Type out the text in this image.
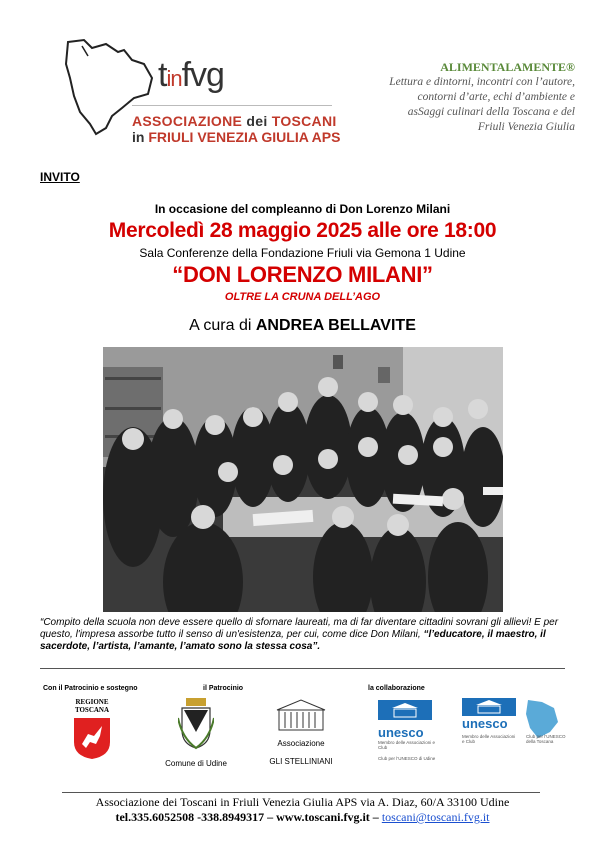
tinfvg
ASSOCIAZIONE dei TOSCANI
in FRIULI VENEZIA GIULIA APS
ALIMENTALAMENTE®
Lettura e dintorni, incontri con l’autore,
contorni d’arte, echi d’ambiente e
asSaggi culinari della Toscana e del
Friuli Venezia Giulia
INVITO
In occasione del compleanno di Don Lorenzo Milani
Mercoledì 28 maggio 2025 alle ore 18:00
Sala Conferenze della Fondazione Friuli via Gemona 1 Udine
“DON LORENZO MILANI”
OLTRE LA CRUNA DELL’AGO
A cura di ANDREA BELLAVITE
“Compito della scuola non deve essere quello di sfornare laureati, ma di far diventare cittadini sovrani gli allievi! E per questo, l'impresa assorbe tutto il senso di un'esistenza, per cui, come dice Don Milani, “l’educatore, il maestro, il sacerdote, l’artista, l’amante, l’amato sono la stessa cosa”.
Con il Patrocinio e sostegno	il Patrocinio	la collaborazione
REGIONE
TOSCANA
Comune di Udine
Associazione
GLI STELLINIANI
unesco
Membro delle Associazioni e Club
Club per l’UNESCO di Udine
unesco
Membro delle Associazioni e Club
Club per l’UNESCO della Toscana
Associazione dei Toscani in Friuli Venezia Giulia APS via A. Diaz, 60/A 33100 Udine
tel.335.6052508 -338.8949317 – www.toscani.fvg.it – toscani@toscani.fvg.it
